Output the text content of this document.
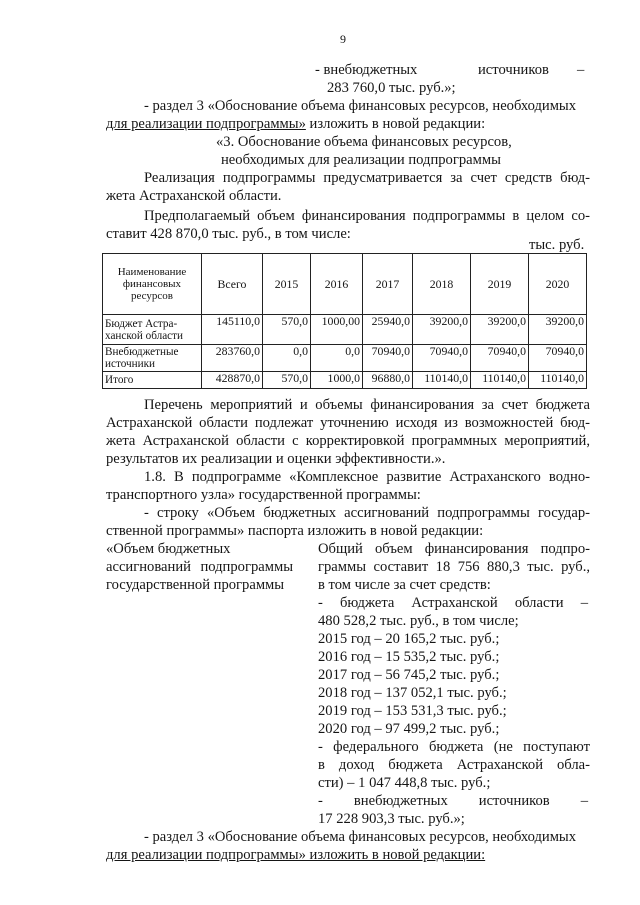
9
- внебюджетных	источников –
283 760,0 тыс. руб.»;
- раздел 3 «Обоснование объема финансовых ресурсов, необходимых
для реализации подпрограммы» изложить в новой редакции:
«3. Обоснование объема финансовых ресурсов,
необходимых для реализации подпрограммы
Реализация подпрограммы предусматривается за счет средств бюд-
жета Астраханской области.
Предполагаемый объем финансирования подпрограммы в целом со-
ставит 428 870,0 тыс. руб., в том числе:
тыс. руб.
Наименование финансовых ресурсов	Всего	2015	2016	2017	2018	2019	2020
Бюджет Астра-ханской области	145110,0	570,0	1000,00	25940,0	39200,0	39200,0	39200,0
Внебюджетные источники	283760,0	0,0	0,0	70940,0	70940,0	70940,0	70940,0
Итого	428870,0	570,0	1000,0	96880,0	110140,0	110140,0	110140,0
Перечень мероприятий и объемы финансирования за счет бюджета
Астраханской области подлежат уточнению исходя из возможностей бюд-
жета Астраханской области с корректировкой программных мероприятий,
результатов их реализации и оценки эффективности.».
1.8. В подпрограмме «Комплексное развитие Астраханского водно-
транспортного узла» государственной программы:
- строку «Объем бюджетных ассигнований подпрограммы государ-
ственной программы» паспорта изложить в новой редакции:
«Объем бюджетных
ассигнований подпрограммы
государственной программы
Общий объем финансирования подпро-
граммы составит 18 756 880,3 тыс. руб.,
в том числе за счет средств:
- бюджета Астраханской области –
480 528,2 тыс. руб., в том числе;
2015 год – 20 165,2 тыс. руб.;
2016 год – 15 535,2 тыс. руб.;
2017 год – 56 745,2 тыс. руб.;
2018 год – 137 052,1 тыс. руб.;
2019 год – 153 531,3 тыс. руб.;
2020 год – 97 499,2 тыс. руб.;
- федерального бюджета (не поступают
в доход бюджета Астраханской обла-
сти) – 1 047 448,8 тыс. руб.;
- внебюджетных источников –
17 228 903,3 тыс. руб.»;
- раздел 3 «Обоснование объема финансовых ресурсов, необходимых
для реализации подпрограммы» изложить в новой редакции:
